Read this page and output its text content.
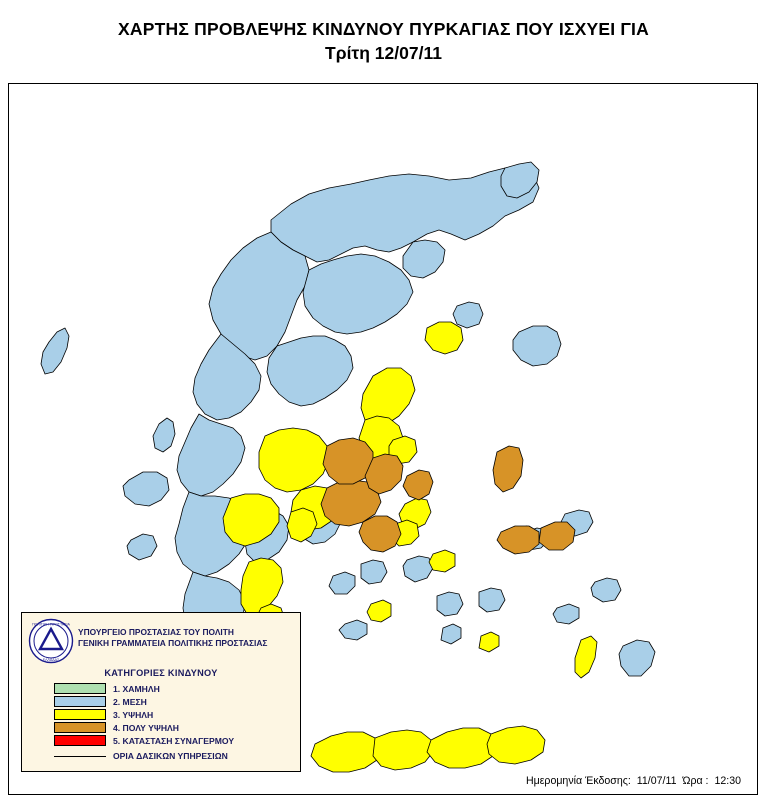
ΧΑΡΤΗΣ ΠΡΟΒΛΕΨΗΣ ΚΙΝΔΥΝΟΥ ΠΥΡΚΑΓΙΑΣ ΠΟΥ ΙΣΧΥΕΙ ΓΙΑ
Τρίτη 12/07/11
ΠΟΛΙΤΙΚΗ ΠΡΟΣΤΑΣΙΑ
ΕΛΛΑΔΑΣ
ΥΠΟΥΡΓΕΙΟ ΠΡΟΣΤΑΣΙΑΣ ΤΟΥ ΠΟΛΙΤΗ
ΓΕΝΙΚΗ ΓΡΑΜΜΑΤΕΙΑ ΠΟΛΙΤΙΚΗΣ ΠΡΟΣΤΑΣΙΑΣ
ΚΑΤΗΓΟΡΙΕΣ ΚΙΝΔΥΝΟΥ
1. ΧΑΜΗΛΗ
2. ΜΕΣΗ
3. ΥΨΗΛΗ
4. ΠΟΛΥ ΥΨΗΛΗ
5. ΚΑΤΑΣΤΑΣΗ ΣΥΝΑΓΕΡΜΟΥ
ΟΡΙΑ ΔΑΣΙΚΩΝ ΥΠΗΡΕΣΙΩΝ
Ημερομηνία Έκδοσης: 11/07/11 Ώρα : 12:30
